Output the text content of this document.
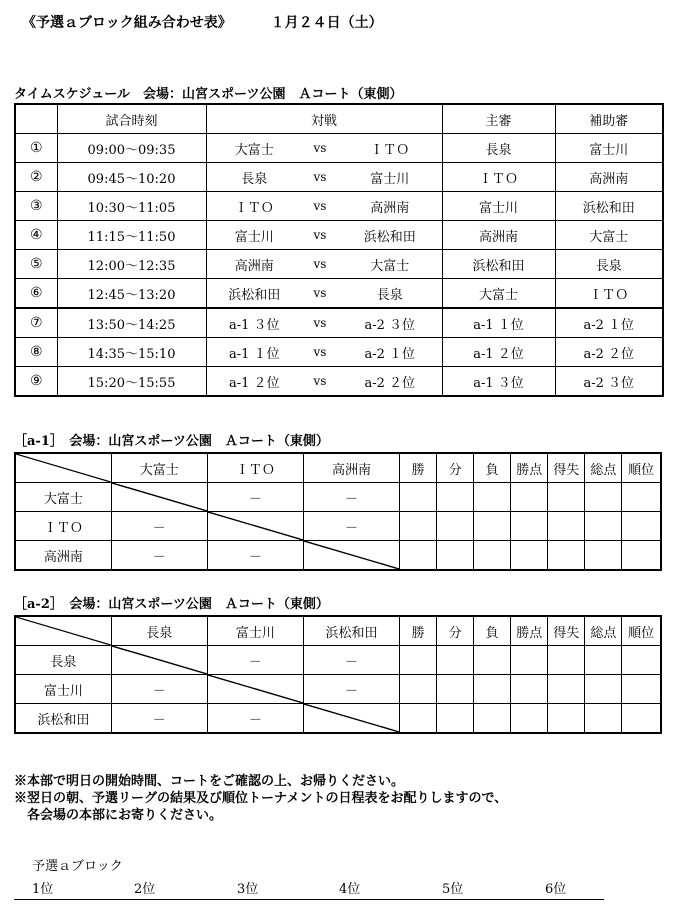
《予選ａブロック組み合わせ表》	１月２４日（土）
タイムスケジュール　会場：山宮スポーツ公園　Ａコート（東側）
	試合時刻	対戦			主審	補助審
①	09:00～09:35	大富士	vs	ＩＴＯ	長泉	富士川
②	09:45～10:20	長泉	vs	富士川	ＩＴＯ	高洲南
③	10:30～11:05	ＩＴＯ	vs	高洲南	富士川	浜松和田
④	11:15～11:50	富士川	vs	浜松和田	高洲南	大富士
⑤	12:00～12:35	高洲南	vs	大富士	浜松和田	長泉
⑥	12:45～13:20	浜松和田	vs	長泉	大富士	ＩＴＯ
⑦	13:50～14:25	a-1 ３位	vs	a-2 ３位	a-1 １位	a-2 １位
⑧	14:35～15:10	a-1 １位	vs	a-2 １位	a-1 ２位	a-2 ２位
⑨	15:20～15:55	a-1 ２位	vs	a-2 ２位	a-1 ３位	a-2 ３位
［a-1］　会場：山宮スポーツ公園　Ａコート（東側）
	大富士	ＩＴＯ	高洲南	勝	分	負	勝点	得失	総点	順位
大富士		－	－							
ＩＴＯ	－		－							
高洲南	－	－	

［a-2］　会場：山宮スポーツ公園　Ａコート（東側）
	長泉	富士川	浜松和田	勝	分	負	勝点	得失	総点	順位
長泉		－	－							
富士川	－		－							
浜松和田	－	－	

※本部で明日の開始時間、コートをご確認の上、お帰りください。
※翌日の朝、予選リーグの結果及び順位トーナメントの日程表をお配りしますので、
　各会場の本部にお寄りください。
予選ａブロック
1位	2位	3位	4位	5位	6位
